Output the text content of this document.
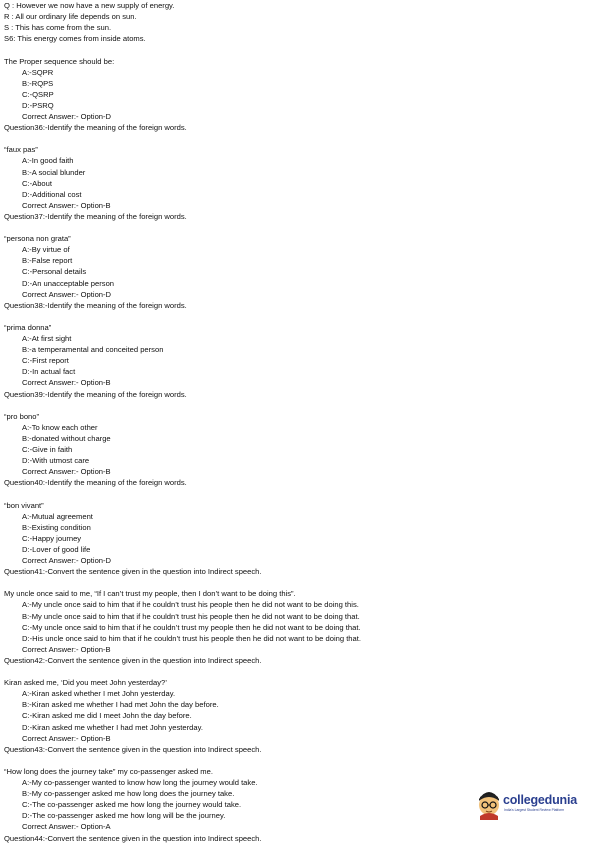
Q : However we now have a new supply of energy.
R : All our ordinary life depends on sun.
S : This has come from the sun.
S6: This energy comes from inside atoms.
The Proper sequence should be:
A:-SQPR
B:-RQPS
C:-QSRP
D:-PSRQ
Correct Answer:- Option-D
Question36:-Identify the meaning of the foreign words.
“faux pas”
A:-In good faith
B:-A social blunder
C:-About
D:-Additional cost
Correct Answer:- Option-B
Question37:-Identify the meaning of the foreign words.
“persona non grata”
A:-By virtue of
B:-False report
C:-Personal details
D:-An unacceptable person
Correct Answer:- Option-D
Question38:-Identify the meaning of the foreign words.
“prima donna”
A:-At first sight
B:-a temperamental and conceited person
C:-First report
D:-In actual fact
Correct Answer:- Option-B
Question39:-Identify the meaning of the foreign words.
“pro bono”
A:-To know each other
B:-donated without charge
C:-Give in faith
D:-With utmost care
Correct Answer:- Option-B
Question40:-Identify the meaning of the foreign words.
“bon vivant”
A:-Mutual agreement
B:-Existing condition
C:-Happy journey
D:-Lover of good life
Correct Answer:- Option-D
Question41:-Convert the sentence given in the question into Indirect speech.
My uncle once said to me, “If I can’t trust my people, then I don’t want to be doing this”.
A:-My uncle once said to him that if he couldn’t trust his people then he did not want to be doing this.
B:-My uncle once said to him that if he couldn’t trust his people then he did not want to be doing that.
C:-My uncle once said to him that if he couldn’t trust my people then he did not want to be doing that.
D:-His uncle once said to him that if he couldn’t trust his people then he did not want to be doing that.
Correct Answer:- Option-B
Question42:-Convert the sentence given in the question into Indirect speech.
Kiran asked me, ‘Did you meet John yesterday?’
A:-Kiran asked whether I met John yesterday.
B:-Kiran asked me whether I had met John the day before.
C:-Kiran asked me did I meet John the day before.
D:-Kiran asked me whether I had met John yesterday.
Correct Answer:- Option-B
Question43:-Convert the sentence given in the question into Indirect speech.
“How long does the journey take” my co-passenger asked me.
A:-My co-passenger wanted to know how long the journey would take.
B:-My co-passenger asked me how long does the journey take.
C:-The co-passenger asked me how long the journey would take.
D:-The co-passenger asked me how long will be the journey.
Correct Answer:- Option-A
Question44:-Convert the sentence given in the question into Indirect speech.
collegedunia
India's Largest Student Review Platform
